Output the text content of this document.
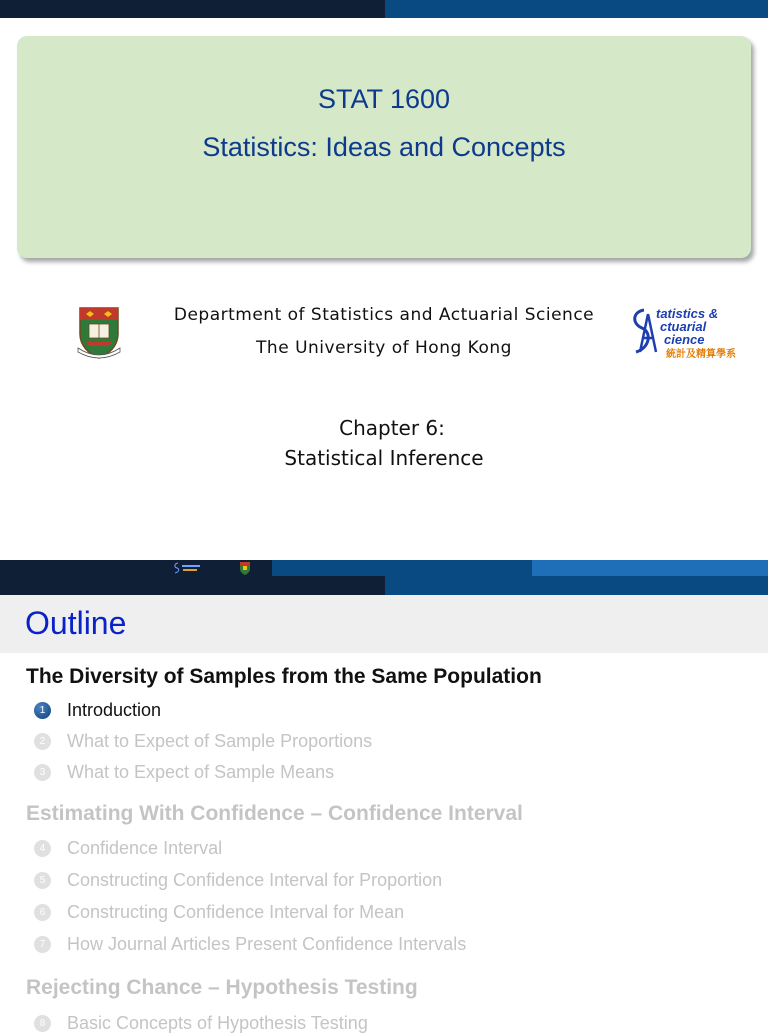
STAT 1600
Statistics: Ideas and Concepts
Department of Statistics and Actuarial Science
The University of Hong Kong
tatistics &
ctuarial
cience
統計及精算學系
Chapter 6:
Statistical Inference
Outline
The Diversity of Samples from the Same Population
1	Introduction
2	What to Expect of Sample Proportions
3	What to Expect of Sample Means
Estimating With Confidence – Confidence Interval
4	Confidence Interval
5	Constructing Confidence Interval for Proportion
6	Constructing Confidence Interval for Mean
7	How Journal Articles Present Confidence Intervals
Rejecting Chance – Hypothesis Testing
8	Basic Concepts of Hypothesis Testing
